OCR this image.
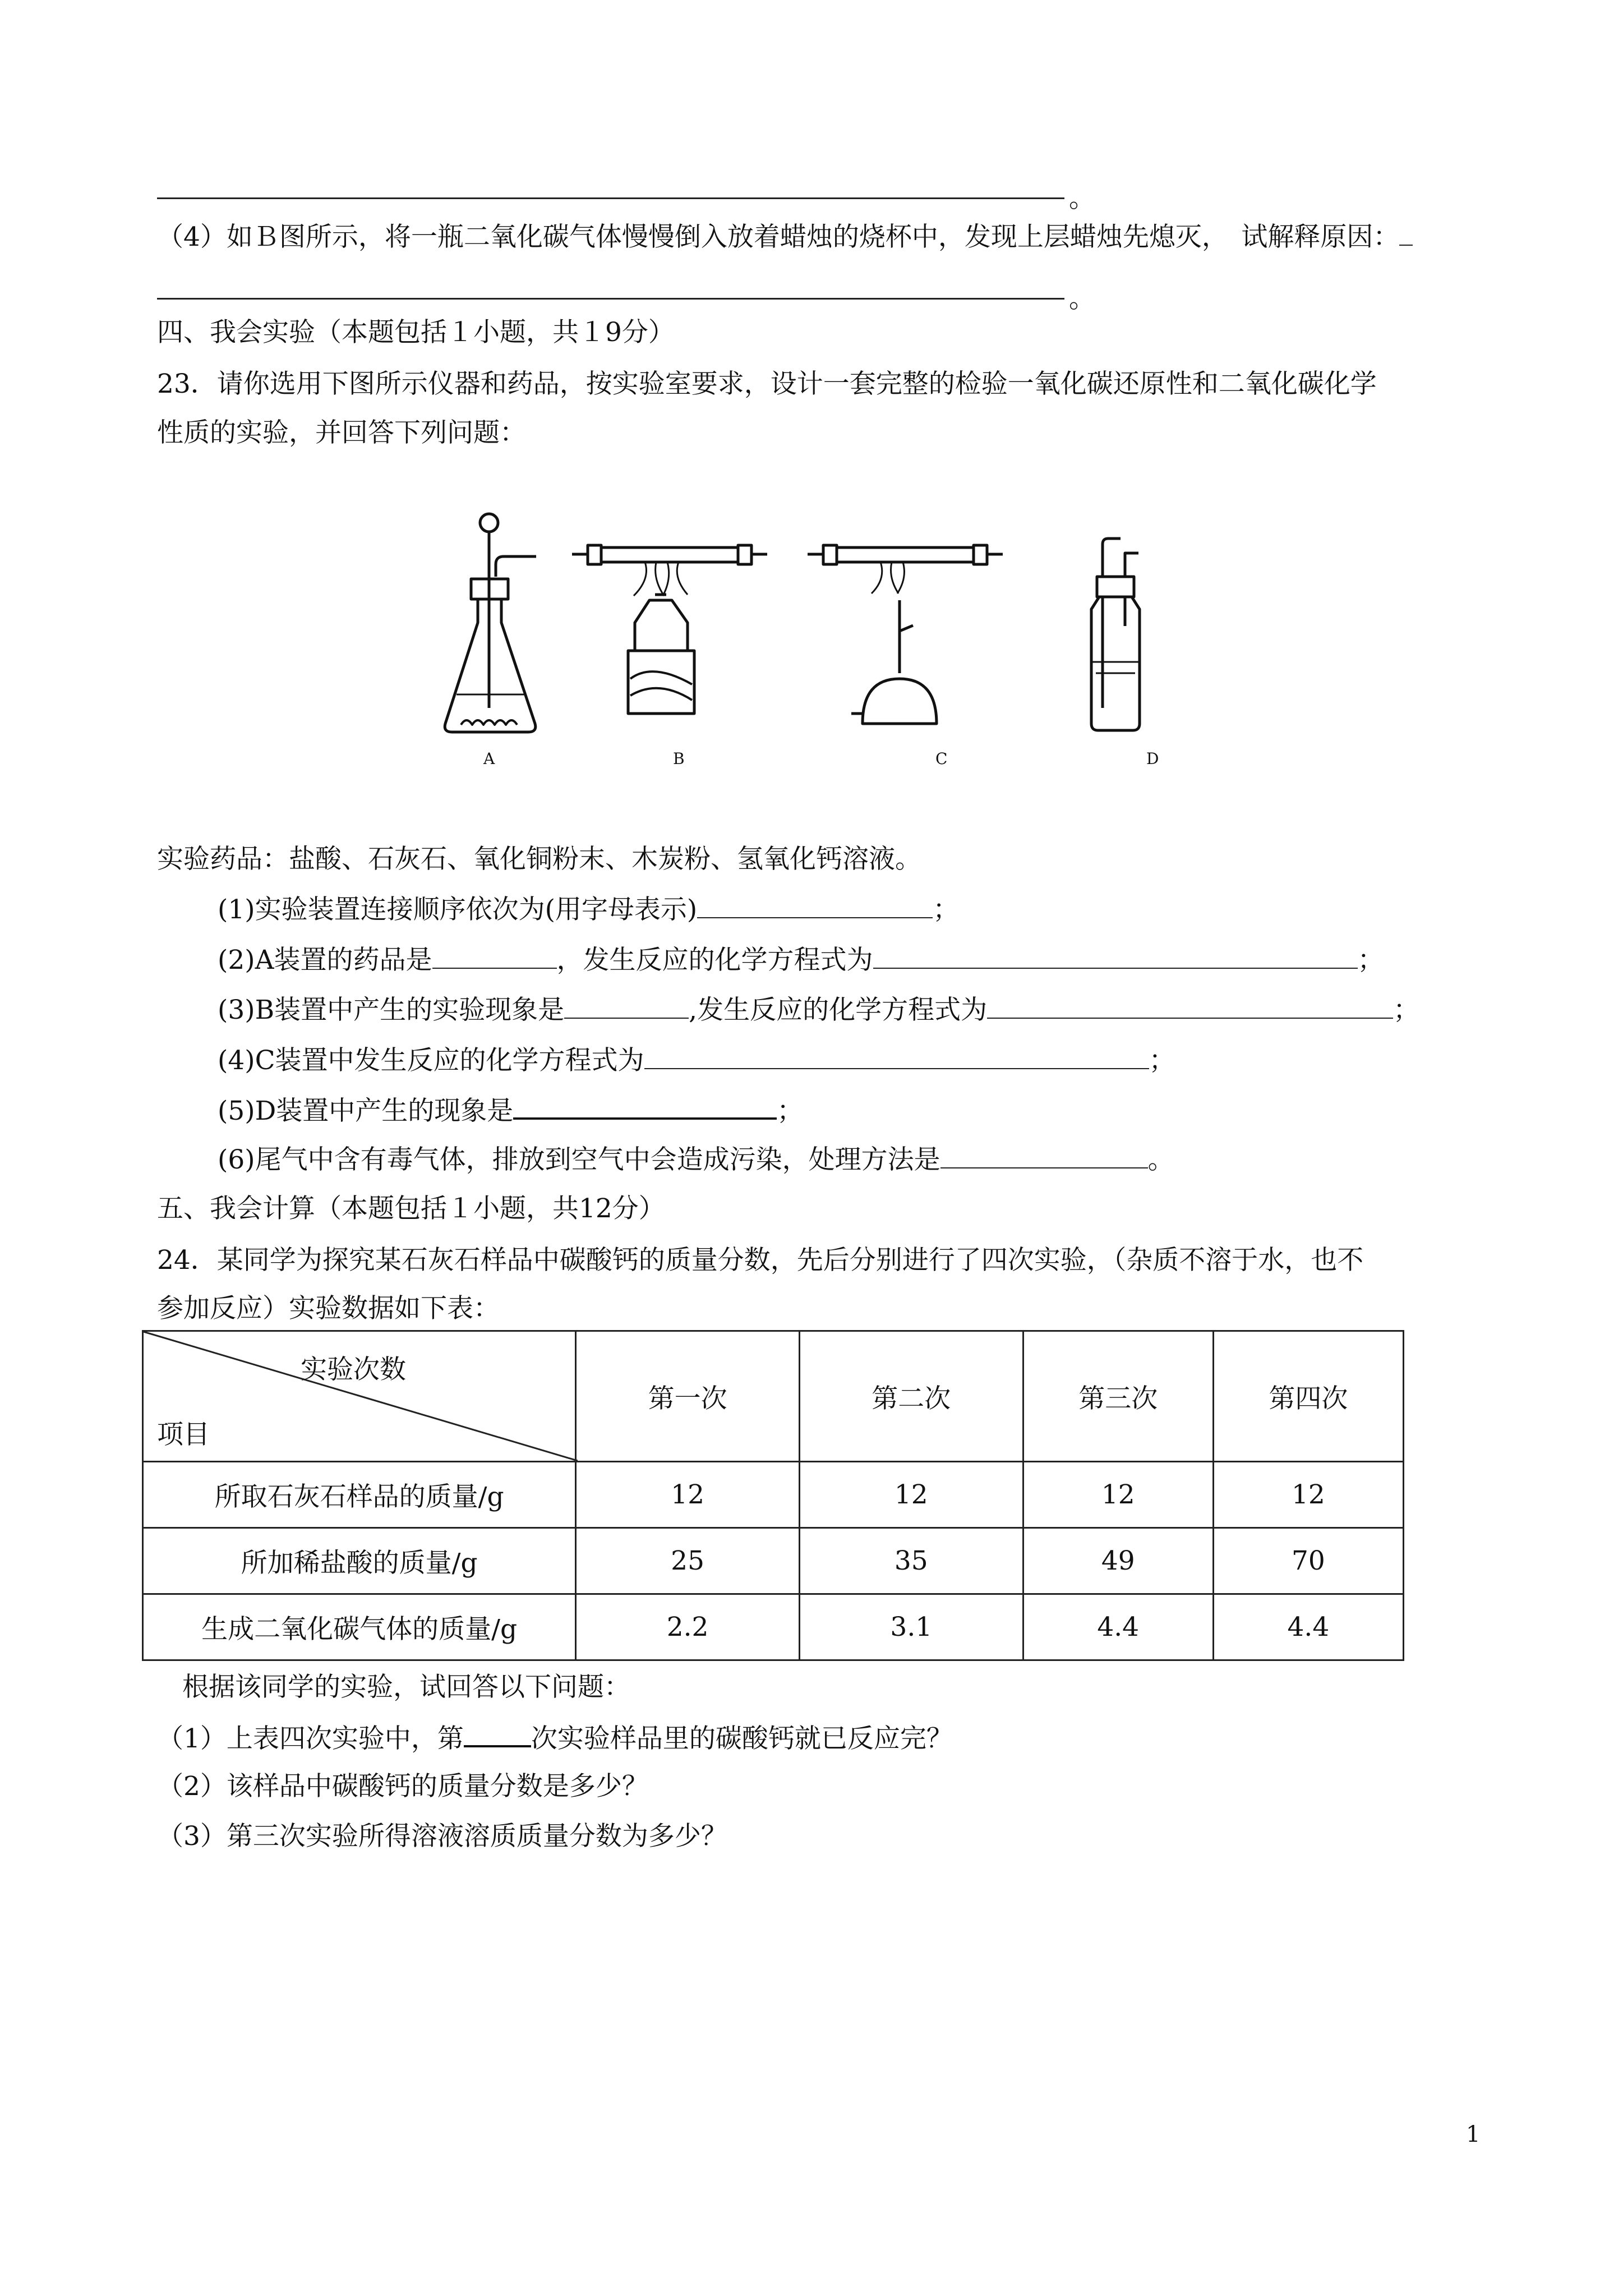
。
（4）如Ｂ图所示，将一瓶二氧化碳气体慢慢倒入放着蜡烛的烧杯中，发现上层蜡烛先熄灭，　试解释原因：
。
四、我会实验（本题包括１小题，共１9分）
23．请你选用下图所示仪器和药品，按实验室要求，设计一套完整的检验一氧化碳还原性和二氧化碳化学
性质的实验，并回答下列问题：
A	B	C	D
实验药品：盐酸、石灰石、氧化铜粉末、木炭粉、氢氧化钙溶液。
(1)实验装置连接顺序依次为(用字母表示)	；
(2)A装置的药品是	，发生反应的化学方程式为	；
(3)B装置中产生的实验现象是	,发生反应的化学方程式为	；
(4)C装置中发生反应的化学方程式为	；
(5)D装置中产生的现象是	；
(6)尾气中含有毒气体，排放到空气中会造成污染，处理方法是	。
五、我会计算（本题包括１小题，共12分）
24．某同学为探究某石灰石样品中碳酸钙的质量分数，先后分别进行了四次实验，（杂质不溶于水，也不
参加反应）实验数据如下表：
实验次数
项目	第一次	第二次	第三次	第四次
所取石灰石样品的质量/g	12	12	12	12
所加稀盐酸的质量/g	25	35	49	70
生成二氧化碳气体的质量/g	2.2	3.1	4.4	4.4
根据该同学的实验，试回答以下问题：
（1）上表四次实验中，第	次实验样品里的碳酸钙就已反应完？
（2）该样品中碳酸钙的质量分数是多少？
（3）第三次实验所得溶液溶质质量分数为多少？
1
